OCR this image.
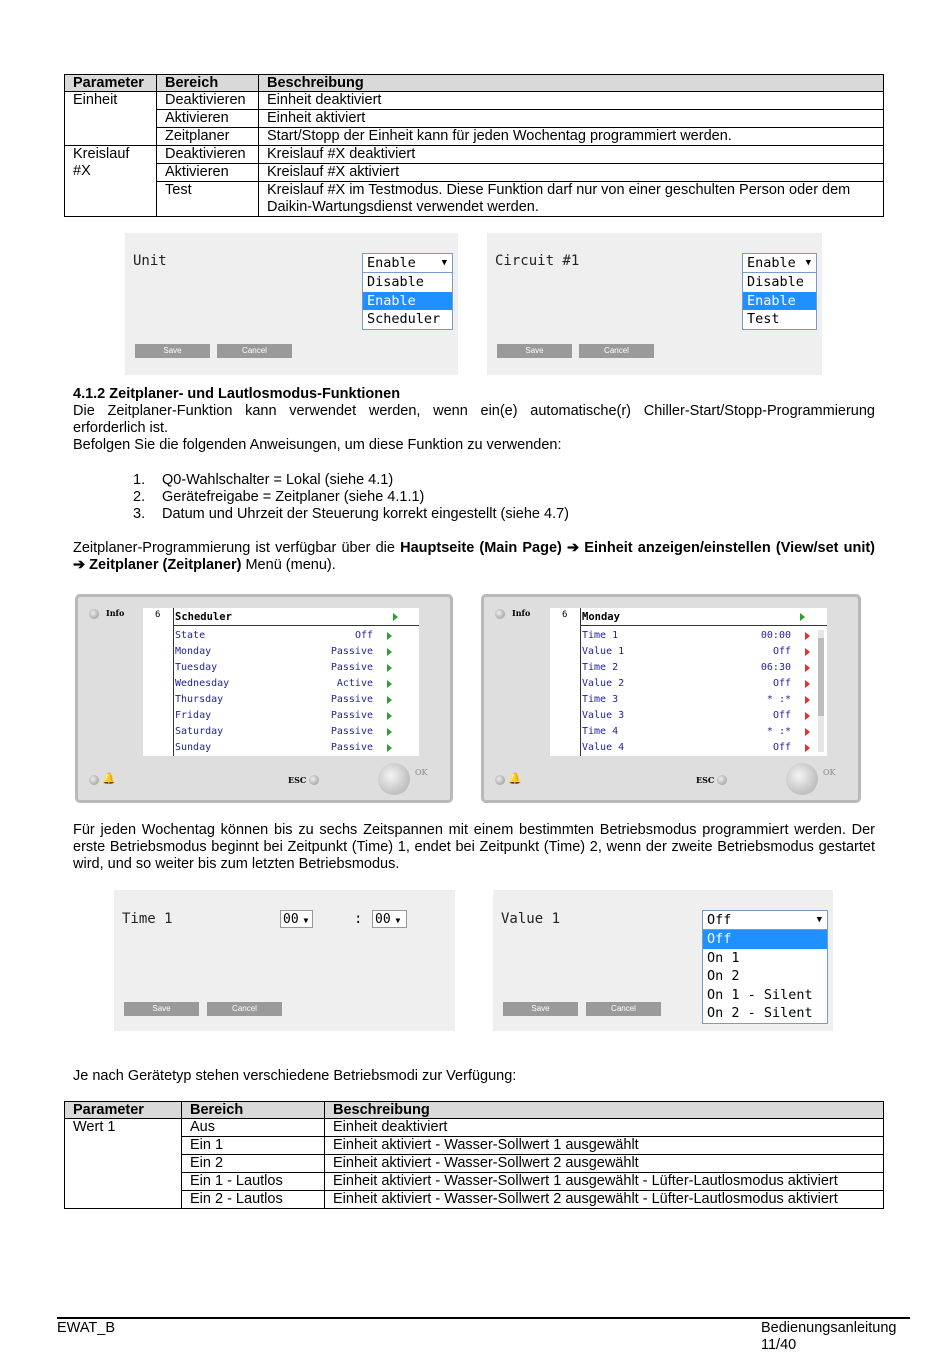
Parameter	Bereich	Beschreibung
Einheit	Deaktivieren	Einheit deaktiviert
	Aktivieren	Einheit aktiviert
	Zeitplaner	Start/Stopp der Einheit kann für jeden Wochentag programmiert werden.
Kreislauf
#X	Deaktivieren	Kreislauf #X deaktiviert
	Aktivieren	Kreislauf #X aktiviert
	Test	Kreislauf #X im Testmodus. Diese Funktion darf nur von einer geschulten Person oder dem Daikin-Wartungsdienst verwendet werden.
Unit	Enable	▼
Disable
Enable
Scheduler
Save	Cancel
Circuit #1	Enable ▼
Disable
Enable
Test
Save	Cancel
4.1.2 Zeitplaner- und Lautlosmodus-Funktionen
Die Zeitplaner-Funktion kann verwendet werden, wenn ein(e) automatische(r) Chiller-Start/Stopp-Programmierung erforderlich ist.
Befolgen Sie die folgenden Anweisungen, um diese Funktion zu verwenden:
1. Q0-Wahlschalter = Lokal (siehe 4.1)
2. Gerätefreigabe = Zeitplaner (siehe 4.1.1)
3. Datum und Uhrzeit der Steuerung korrekt eingestellt (siehe 4.7)
Zeitplaner-Programmierung ist verfügbar über die Hauptseite (Main Page) ➔ Einheit anzeigen/einstellen (View/set unit) ➔ Zeitplaner (Zeitplaner) Menü (menu).
Info	6 Scheduler
State	Off
Monday	Passive
Tuesday	Passive
Wednesday	Active
Thursday	Passive
Friday	Passive
Saturday	Passive
Sunday	Passive
🔔	ESC
OK
Info	6 Monday
Time 1	00:00
Value 1	Off
Time 2	06:30
Value 2	Off
Time 3	* :*
Value 3	Off
Time 4	* :*
Value 4	Off
🔔	ESC
OK
Für jeden Wochentag können bis zu sechs Zeitspannen mit einem bestimmten Betriebsmodus programmiert werden. Der erste Betriebsmodus beginnt bei Zeitpunkt (Time) 1, endet bei Zeitpunkt (Time) 2, wenn der zweite Betriebsmodus gestartet wird, und so weiter bis zum letzten Betriebsmodus.
Time 1	00 ▼	: 00 ▼
Save	Cancel
Value 1	Off	▼
Off
On 1
On 2
On 1 - Silent
On 2 - Silent
Save	Cancel
Je nach Gerätetyp stehen verschiedene Betriebsmodi zur Verfügung:
Parameter	Bereich	Beschreibung
Wert 1	Aus	Einheit deaktiviert
	Ein 1	Einheit aktiviert - Wasser-Sollwert 1 ausgewählt
	Ein 2	Einheit aktiviert - Wasser-Sollwert 2 ausgewählt
	Ein 1 - Lautlos	Einheit aktiviert - Wasser-Sollwert 1 ausgewählt - Lüfter-Lautlosmodus aktiviert
	Ein 2 - Lautlos	Einheit aktiviert - Wasser-Sollwert 2 ausgewählt - Lüfter-Lautlosmodus aktiviert
EWAT_B	Bedienungsanleitung
11/40
